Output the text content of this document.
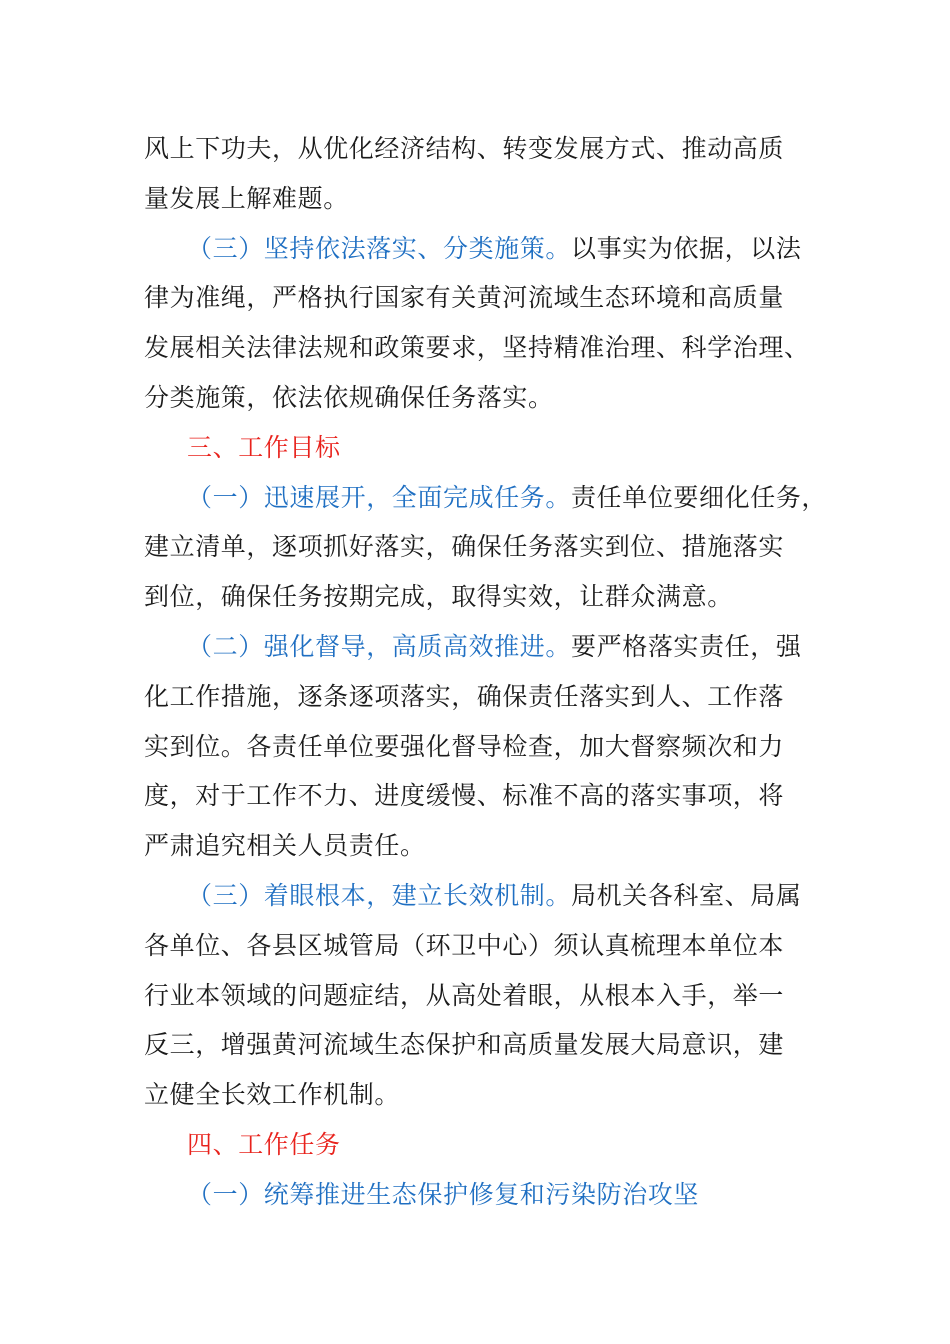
风上下功夫，从优化经济结构、转变发展方式、推动高质
量发展上解难题。
（三）坚持依法落实、分类施策。以事实为依据，以法
律为准绳，严格执行国家有关黄河流域生态环境和高质量
发展相关法律法规和政策要求，坚持精准治理、科学治理、
分类施策，依法依规确保任务落实。
三、工作目标
（一）迅速展开，全面完成任务。责任单位要细化任务，
建立清单，逐项抓好落实，确保任务落实到位、措施落实
到位，确保任务按期完成，取得实效，让群众满意。
（二）强化督导，高质高效推进。要严格落实责任，强
化工作措施，逐条逐项落实，确保责任落实到人、工作落
实到位。各责任单位要强化督导检查，加大督察频次和力
度，对于工作不力、进度缓慢、标准不高的落实事项，将
严肃追究相关人员责任。
（三）着眼根本，建立长效机制。局机关各科室、局属
各单位、各县区城管局（环卫中心）须认真梳理本单位本
行业本领域的问题症结，从高处着眼，从根本入手，举一
反三，增强黄河流域生态保护和高质量发展大局意识，建
立健全长效工作机制。
四、工作任务
（一）统筹推进生态保护修复和污染防治攻坚
